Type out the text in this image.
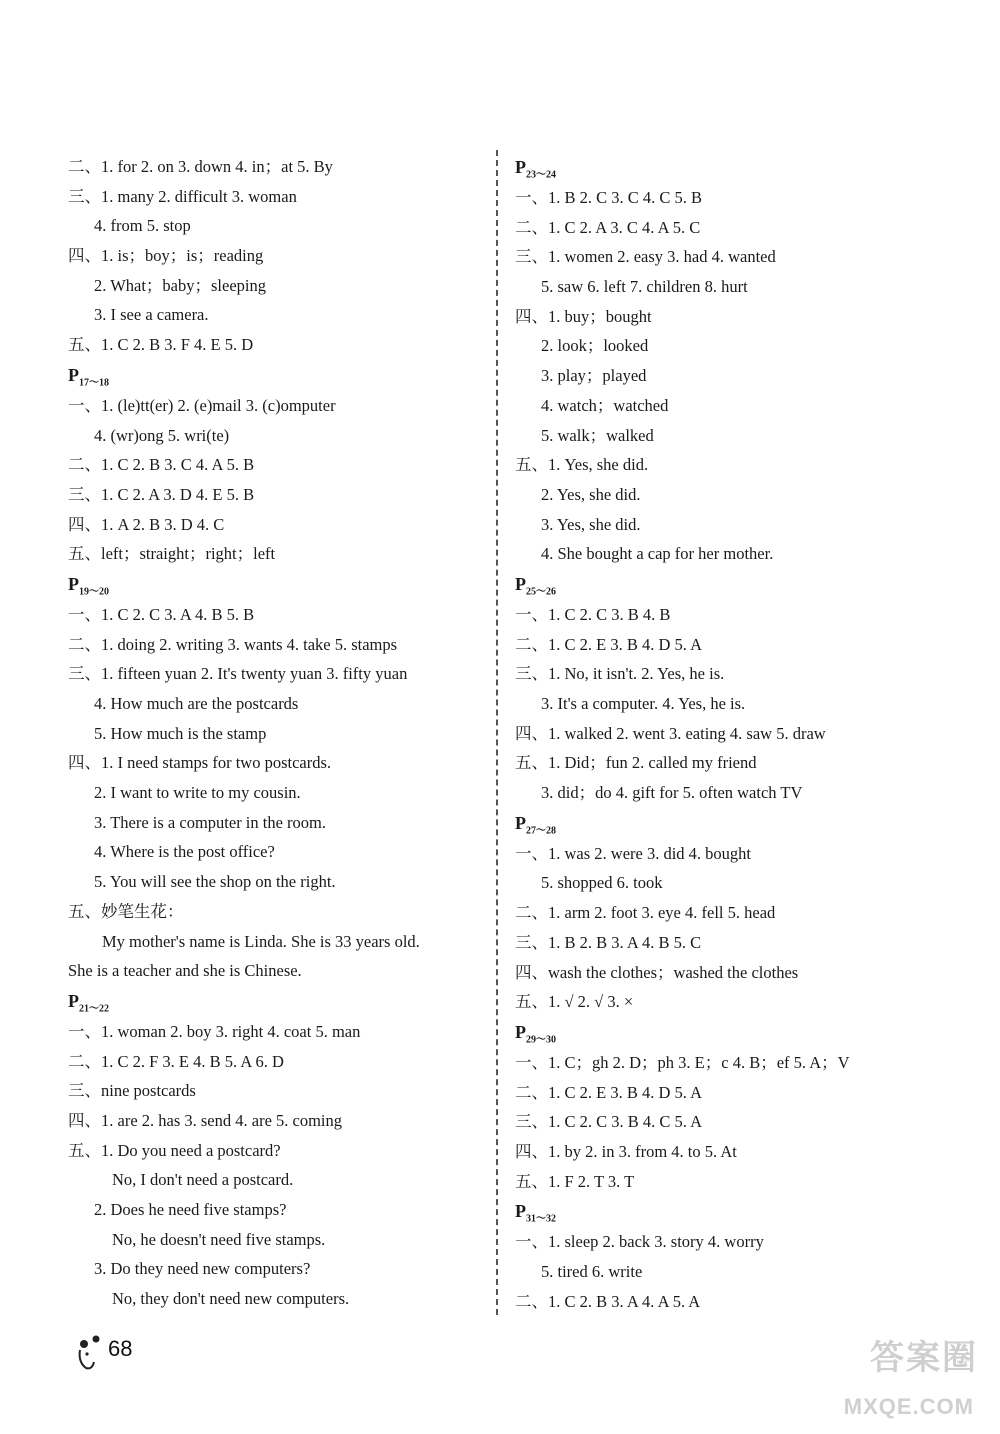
二、1. for 2. on 3. down 4. in；at 5. By
三、1. many 2. difficult 3. woman
4. from 5. stop
四、1. is；boy；is；reading
2. What；baby；sleeping
3. I see a camera.
五、1. C 2. B 3. F 4. E 5. D
$P_{17\sim 18}$
一、1. (le)tt(er) 2. (e)mail 3. (c)omputer
4. (wr)ong 5. wri(te)
二、1. C 2. B 3. C 4. A 5. B
三、1. C 2. A 3. D 4. E 5. B
四、1. A 2. B 3. D 4. C
五、left；straight；right；left
$P_{19\sim 20}$
一、1. C 2. C 3. A 4. B 5. B
二、1. doing 2. writing 3. wants 4. take 5. stamps
三、1. fifteen yuan 2. It's twenty yuan 3. fifty yuan
4. How much are the postcards
5. How much is the stamp
四、1. I need stamps for two postcards.
2. I want to write to my cousin.
3. There is a computer in the room.
4. Where is the post office?
5. You will see the shop on the right.
五、妙笔生花：
My mother's name is Linda. She is 33 years old.
She is a teacher and she is Chinese.
$P_{21\sim 22}$
一、1. woman 2. boy 3. right 4. coat 5. man
二、1. C 2. F 3. E 4. B 5. A 6. D
三、nine postcards
四、1. are 2. has 3. send 4. are 5. coming
五、1. Do you need a postcard?
No, I don't need a postcard.
2. Does he need five stamps?
No, he doesn't need five stamps.
3. Do they need new computers?
No, they don't need new computers.
$P_{23\sim 24}$
一、1. B 2. C 3. C 4. C 5. B
二、1. C 2. A 3. C 4. A 5. C
三、1. women 2. easy 3. had 4. wanted
5. saw 6. left 7. children 8. hurt
四、1. buy；bought
2. look；looked
3. play；played
4. watch；watched
5. walk；walked
五、1. Yes, she did.
2. Yes, she did.
3. Yes, she did.
4. She bought a cap for her mother.
$P_{25\sim 26}$
一、1. C 2. C 3. B 4. B
二、1. C 2. E 3. B 4. D 5. A
三、1. No, it isn't. 2. Yes, he is.
3. It's a computer. 4. Yes, he is.
四、1. walked 2. went 3. eating 4. saw 5. draw
五、1. Did；fun 2. called my friend
3. did；do 4. gift for 5. often watch TV
$P_{27\sim 28}$
一、1. was 2. were 3. did 4. bought
5. shopped 6. took
二、1. arm 2. foot 3. eye 4. fell 5. head
三、1. B 2. B 3. A 4. B 5. C
四、wash the clothes；washed the clothes
五、1. √ 2. √ 3. ×
$P_{29\sim 30}$
一、1. C；gh 2. D；ph 3. E；c 4. B；ef 5. A；V
二、1. C 2. E 3. B 4. D 5. A
三、1. C 2. C 3. B 4. C 5. A
四、1. by 2. in 3. from 4. to 5. At
五、1. F 2. T 3. T
$P_{31\sim 32}$
一、1. sleep 2. back 3. story 4. worry
5. tired 6. write
二、1. C 2. B 3. A 4. A 5. A
68	答案圈
MXQE.COM
